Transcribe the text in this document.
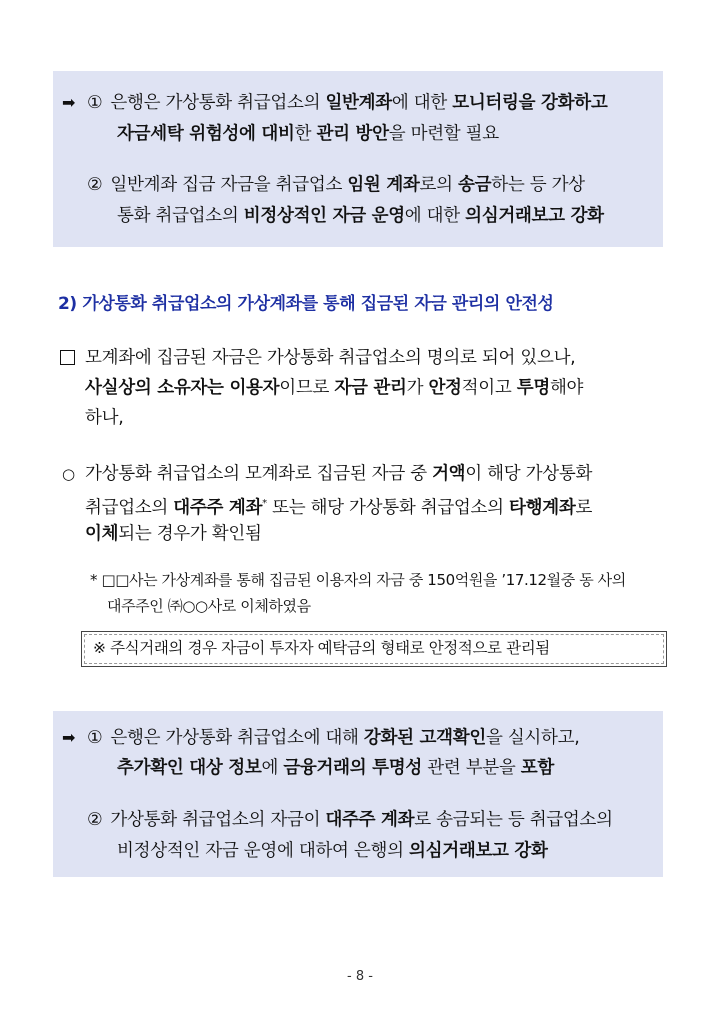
➡ ① 은행은 가상통화 취급업소의 일반계좌에 대한 모니터링을 강화하고
자금세탁 위험성에 대비한 관리 방안을 마련할 필요
② 일반계좌 집금 자금을 취급업소 임원 계좌로의 송금하는 등 가상
통화 취급업소의 비정상적인 자금 운영에 대한 의심거래보고 강화
2) 가상통화 취급업소의 가상계좌를 통해 집금된 자금 관리의 안전성
모계좌에 집금된 자금은 가상통화 취급업소의 명의로 되어 있으나,
사실상의 소유자는 이용자이므로 자금 관리가 안정적이고 투명해야
하나,
○ 가상통화 취급업소의 모계좌로 집금된 자금 중 거액이 해당 가상통화
취급업소의 대주주 계좌* 또는 해당 가상통화 취급업소의 타행계좌로
이체되는 경우가 확인됨
* □□사는 가상계좌를 통해 집금된 이용자의 자금 중 150억원을 ’17.12월중 동 사의
대주주인 ㈜○○사로 이체하였음
※ 주식거래의 경우 자금이 투자자 예탁금의 형태로 안정적으로 관리됨
➡ ① 은행은 가상통화 취급업소에 대해 강화된 고객확인을 실시하고,
추가확인 대상 정보에 금융거래의 투명성 관련 부분을 포함
② 가상통화 취급업소의 자금이 대주주 계좌로 송금되는 등 취급업소의
비정상적인 자금 운영에 대하여 은행의 의심거래보고 강화
- 8 -
